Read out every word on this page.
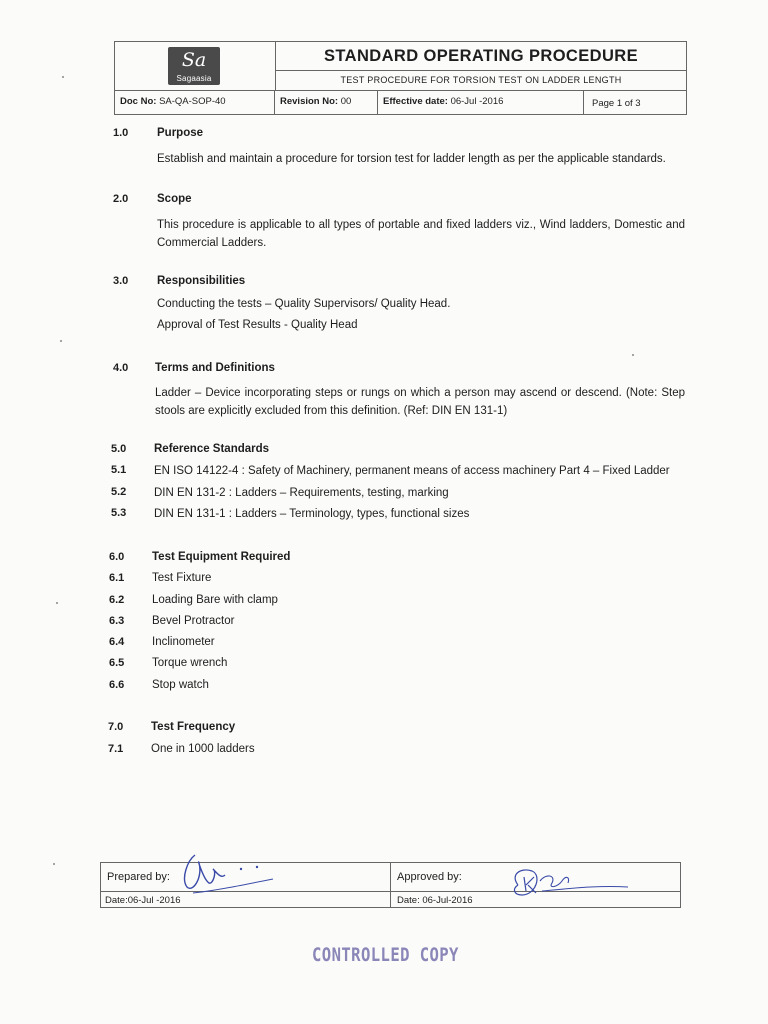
Sa
Sagaasia
STANDARD OPERATING PROCEDURE
TEST PROCEDURE FOR TORSION TEST ON LADDER LENGTH
Doc No: SA-QA-SOP-40	Revision No: 00	Effective date: 06-Jul -2016	Page 1 of 3
1.0 Purpose
Establish and maintain a procedure for torsion test for ladder length as per the applicable standards.
2.0 Scope
This procedure is applicable to all types of portable and fixed ladders viz., Wind ladders, Domestic and Commercial Ladders.
3.0 Responsibilities
Conducting the tests – Quality Supervisors/ Quality Head.
Approval of Test Results - Quality Head
4.0 Terms and Definitions
Ladder – Device incorporating steps or rungs on which a person may ascend or descend. (Note: Step stools are explicitly excluded from this definition. (Ref: DIN EN 131-1)
5.0 Reference Standards
5.1 EN ISO 14122-4 : Safety of Machinery, permanent means of access machinery Part 4 – Fixed Ladder
5.2 DIN EN 131-2 : Ladders – Requirements, testing, marking
5.3 DIN EN 131-1 : Ladders – Terminology, types, functional sizes
6.0 Test Equipment Required
6.1 Test Fixture
6.2 Loading Bare with clamp
6.3 Bevel Protractor
6.4 Inclinometer
6.5 Torque wrench
6.6 Stop watch
7.0 Test Frequency
7.1 One in 1000 ladders
Prepared by:
Date:06-Jul -2016
Approved by:
Date: 06-Jul-2016
CONTROLLED COPY
